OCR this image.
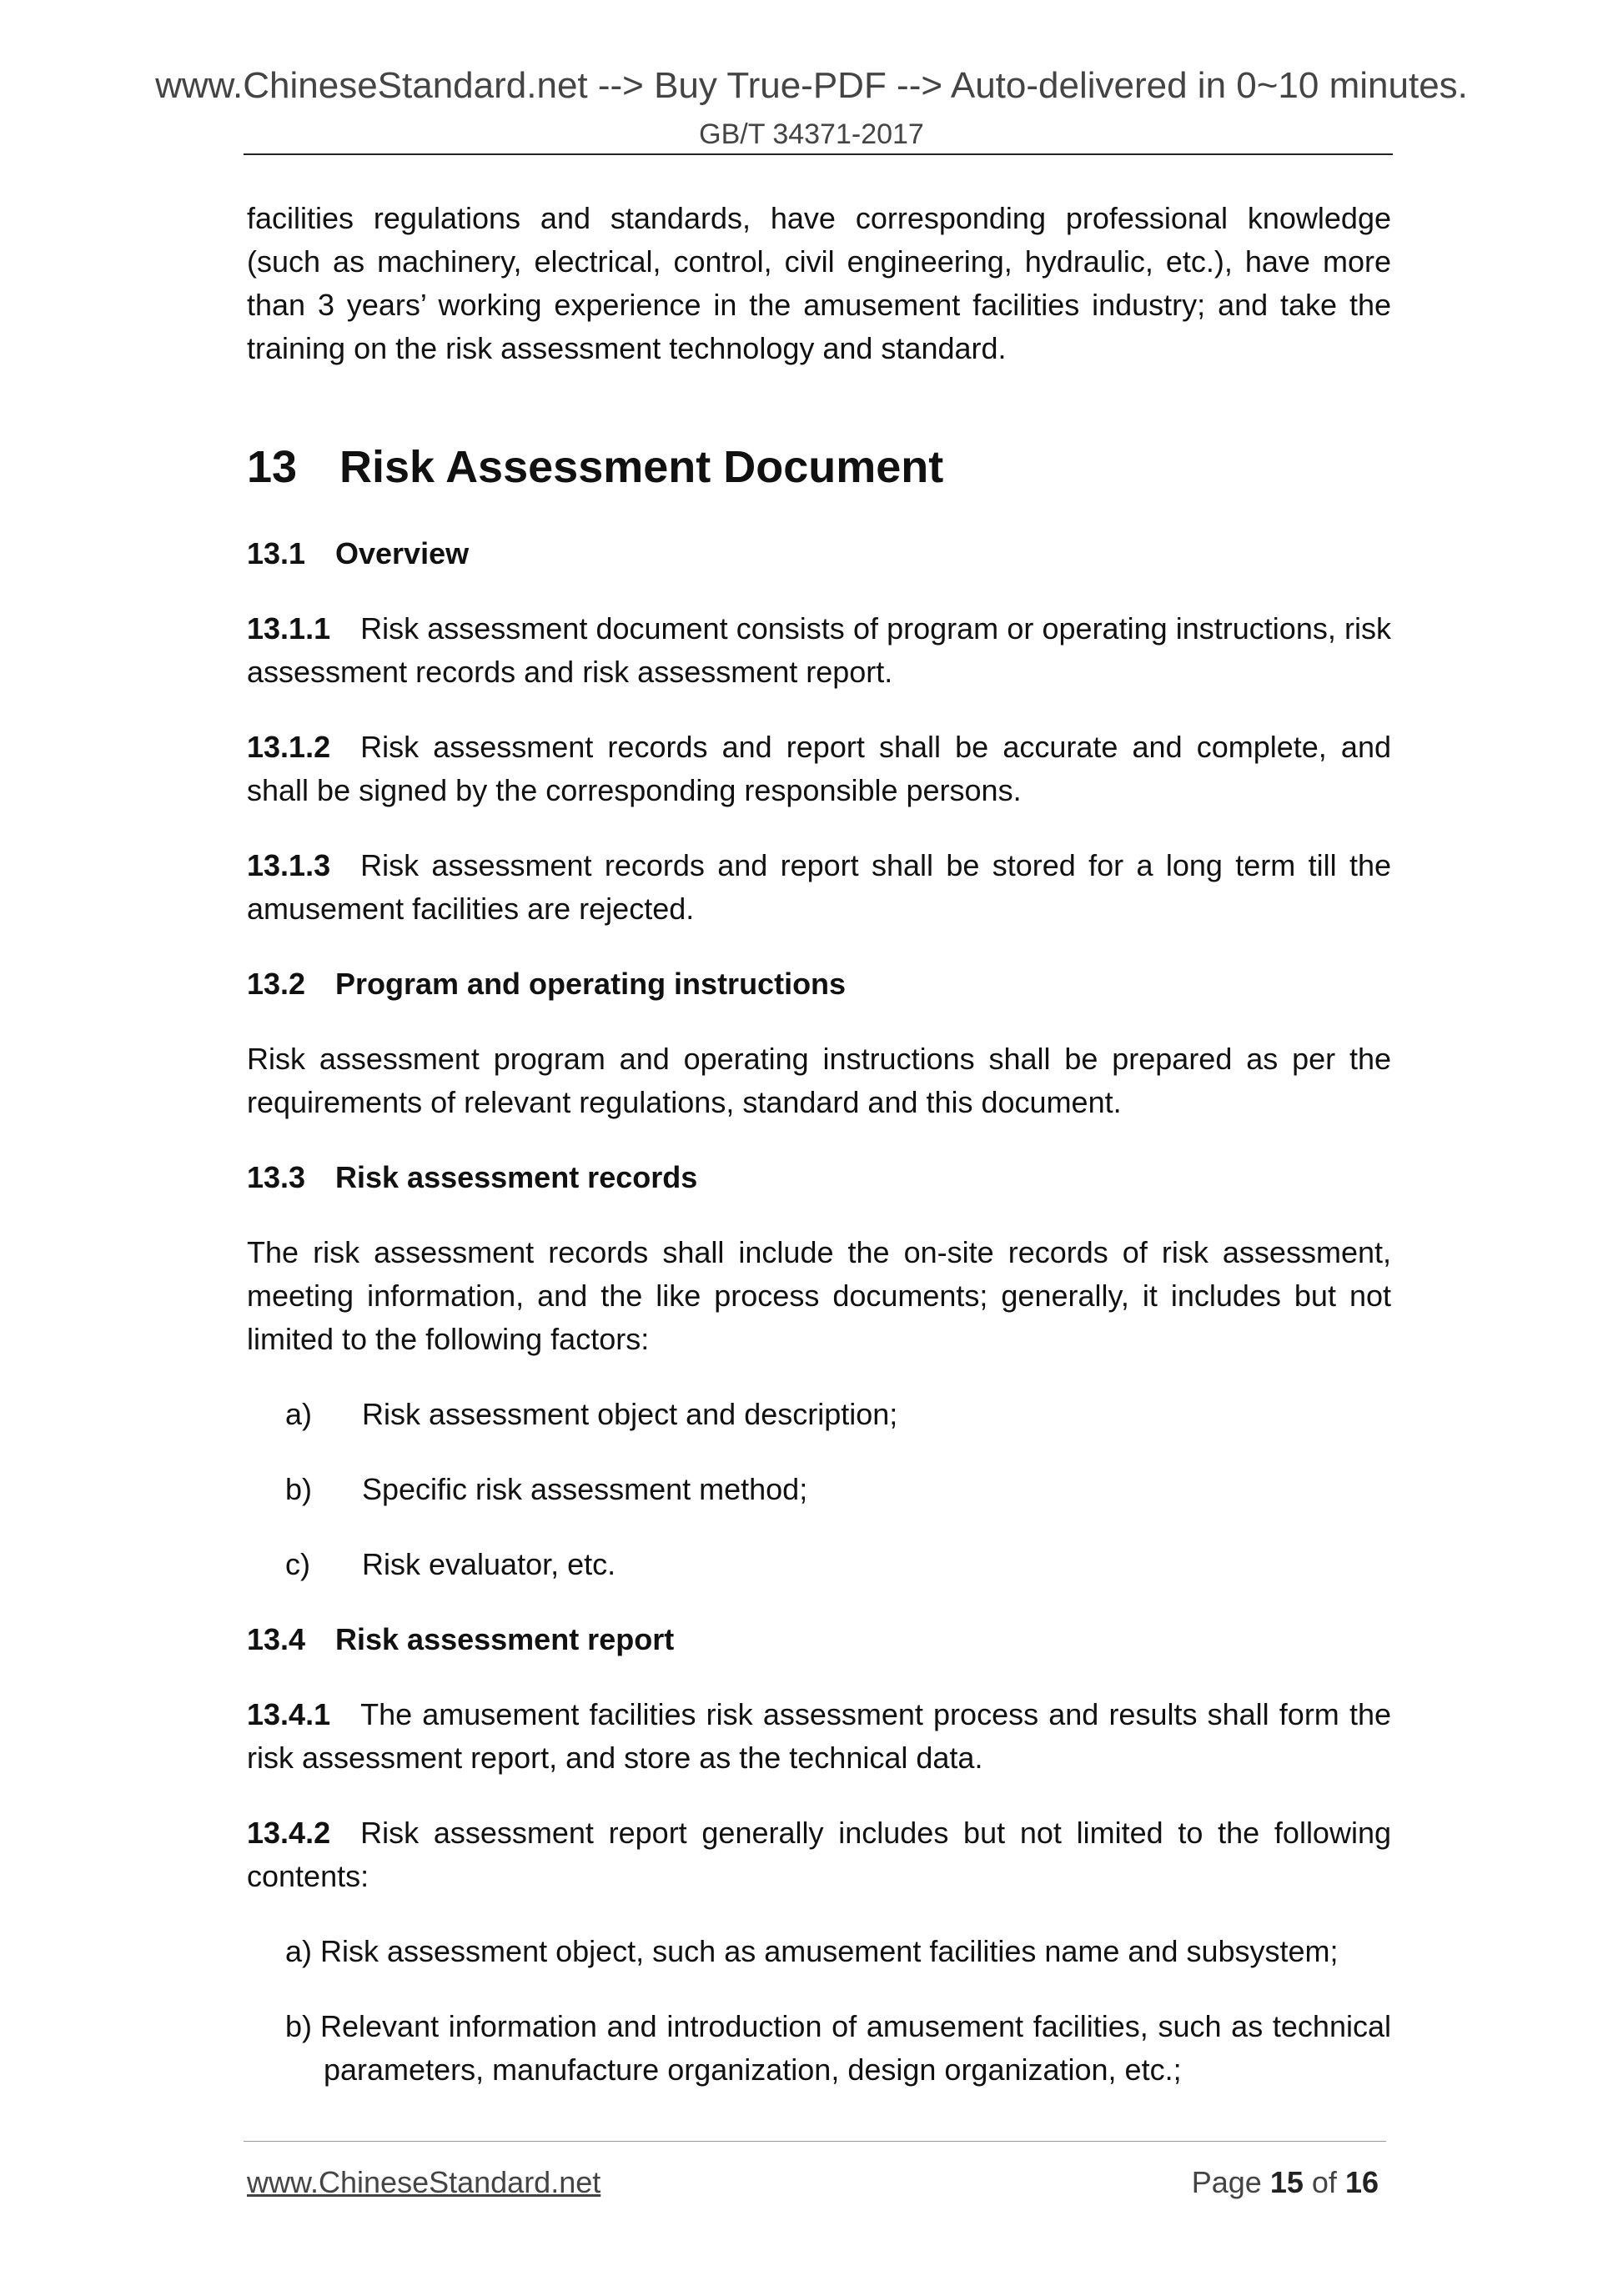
www.ChineseStandard.net --> Buy True-PDF --> Auto-delivered in 0~10 minutes.
GB/T 34371-2017

facilities regulations and standards, have corresponding professional knowledge (such as machinery, electrical, control, civil engineering, hydraulic, etc.), have more than 3 years’ working experience in the amusement facilities industry; and take the training on the risk assessment technology and standard.

13 Risk Assessment Document

13.1 Overview

13.1.1 Risk assessment document consists of program or operating instructions, risk assessment records and risk assessment report.

13.1.2 Risk assessment records and report shall be accurate and complete, and shall be signed by the corresponding responsible persons.

13.1.3 Risk assessment records and report shall be stored for a long term till the amusement facilities are rejected.

13.2 Program and operating instructions

Risk assessment program and operating instructions shall be prepared as per the requirements of relevant regulations, standard and this document.

13.3 Risk assessment records

The risk assessment records shall include the on-site records of risk assessment, meeting information, and the like process documents; generally, it includes but not limited to the following factors:

a)	Risk assessment object and description;

b)	Specific risk assessment method;

c)	Risk evaluator, etc.

13.4 Risk assessment report

13.4.1 The amusement facilities risk assessment process and results shall form the risk assessment report, and store as the technical data.

13.4.2 Risk assessment report generally includes but not limited to the following contents:

a) Risk assessment object, such as amusement facilities name and subsystem;

b) Relevant information and introduction of amusement facilities, such as technical parameters, manufacture organization, design organization, etc.;

www.ChineseStandard.net	Page 15 of 16
